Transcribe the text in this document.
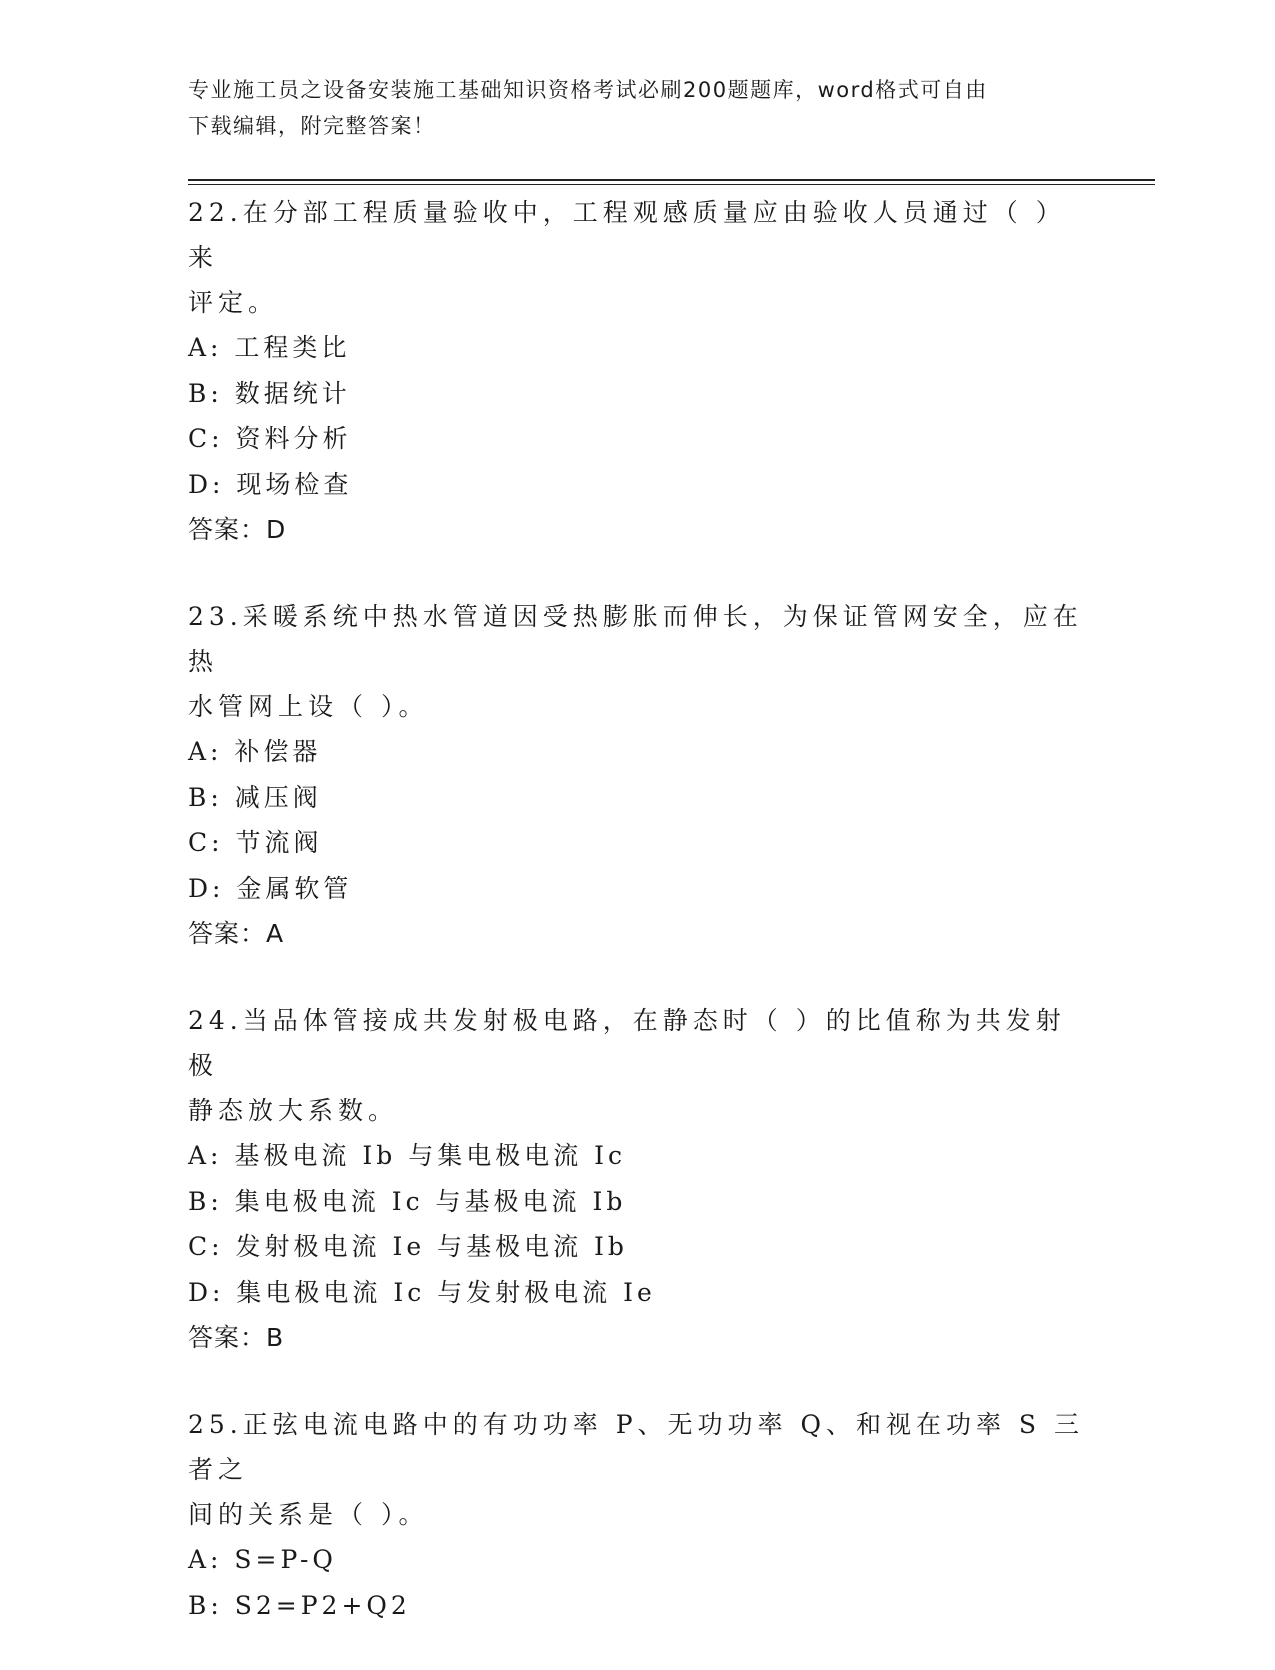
专业施工员之设备安装施工基础知识资格考试必刷200题题库，word格式可自由
下载编辑，附完整答案！
22.在分部工程质量验收中，工程观感质量应由验收人员通过（ ）来
评定。
A: 工程类比
B: 数据统计
C: 资料分析
D: 现场检查
答案：D
23.采暖系统中热水管道因受热膨胀而伸长，为保证管网安全，应在热
水管网上设（ ）。
A: 补偿器
B: 减压阀
C: 节流阀
D: 金属软管
答案：A
24.当品体管接成共发射极电路，在静态时（ ）的比值称为共发射极
静态放大系数。
A: 基极电流 Ib 与集电极电流 Ic
B: 集电极电流 Ic 与基极电流 Ib
C: 发射极电流 Ie 与基极电流 Ib
D: 集电极电流 Ic 与发射极电流 Ie
答案：B
25.正弦电流电路中的有功功率 P、无功功率 Q、和视在功率 S 三者之
间的关系是（ ）。
A: S=P-Q
B: S2=P2+Q2
